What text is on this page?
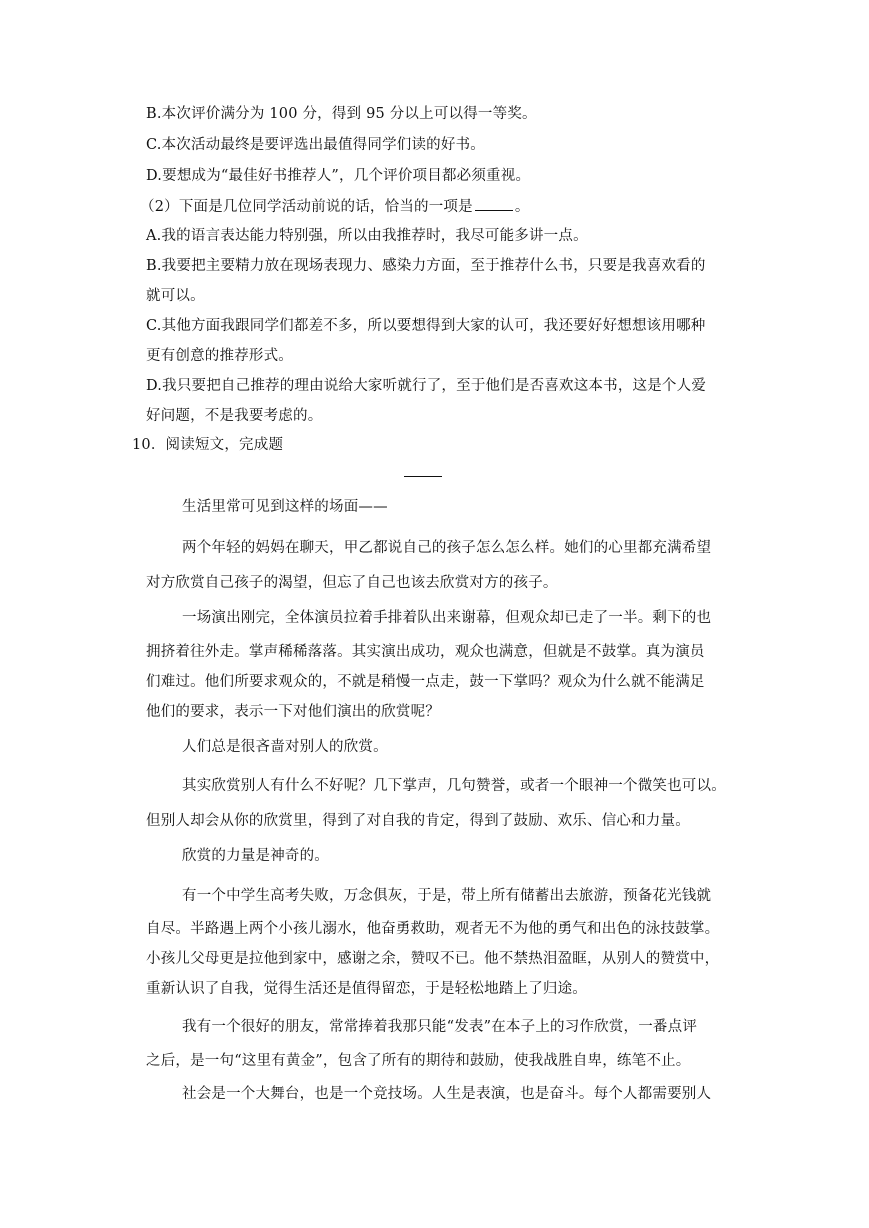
B.本次评价满分为 100 分，得到 95 分以上可以得一等奖。
C.本次活动最终是要评选出最值得同学们读的好书。
D.要想成为“最佳好书推荐人”，几个评价项目都必须重视。
（2）下面是几位同学活动前说的话，恰当的一项是	。
A.我的语言表达能力特别强，所以由我推荐时，我尽可能多讲一点。
B.我要把主要精力放在现场表现力、感染力方面，至于推荐什么书，只要是我喜欢看的
就可以。
C.其他方面我跟同学们都差不多，所以要想得到大家的认可，我还要好好想想该用哪种
更有创意的推荐形式。
D.我只要把自己推荐的理由说给大家听就行了，至于他们是否喜欢这本书，这是个人爱
好问题，不是我要考虑的。
10．阅读短文，完成题
生活里常可见到这样的场面——
两个年轻的妈妈在聊天，甲乙都说自己的孩子怎么怎么样。她们的心里都充满希望
对方欣赏自己孩子的渴望，但忘了自己也该去欣赏对方的孩子。
一场演出刚完，全体演员拉着手排着队出来谢幕，但观众却已走了一半。剩下的也
拥挤着往外走。掌声稀稀落落。其实演出成功，观众也满意，但就是不鼓掌。真为演员
们难过。他们所要求观众的，不就是稍慢一点走，鼓一下掌吗？观众为什么就不能满足
他们的要求，表示一下对他们演出的欣赏呢？
人们总是很吝啬对别人的欣赏。
其实欣赏别人有什么不好呢？几下掌声，几句赞誉，或者一个眼神一个微笑也可以。
但别人却会从你的欣赏里，得到了对自我的肯定，得到了鼓励、欢乐、信心和力量。
欣赏的力量是神奇的。
有一个中学生高考失败，万念俱灰，于是，带上所有储蓄出去旅游，预备花光钱就
自尽。半路遇上两个小孩儿溺水，他奋勇救助，观者无不为他的勇气和出色的泳技鼓掌。
小孩儿父母更是拉他到家中，感谢之余，赞叹不已。他不禁热泪盈眶，从别人的赞赏中，
重新认识了自我，觉得生活还是值得留恋，于是轻松地踏上了归途。
我有一个很好的朋友，常常捧着我那只能“发表”在本子上的习作欣赏，一番点评
之后，是一句“这里有黄金”，包含了所有的期待和鼓励，使我战胜自卑，练笔不止。
社会是一个大舞台，也是一个竞技场。人生是表演，也是奋斗。每个人都需要别人
